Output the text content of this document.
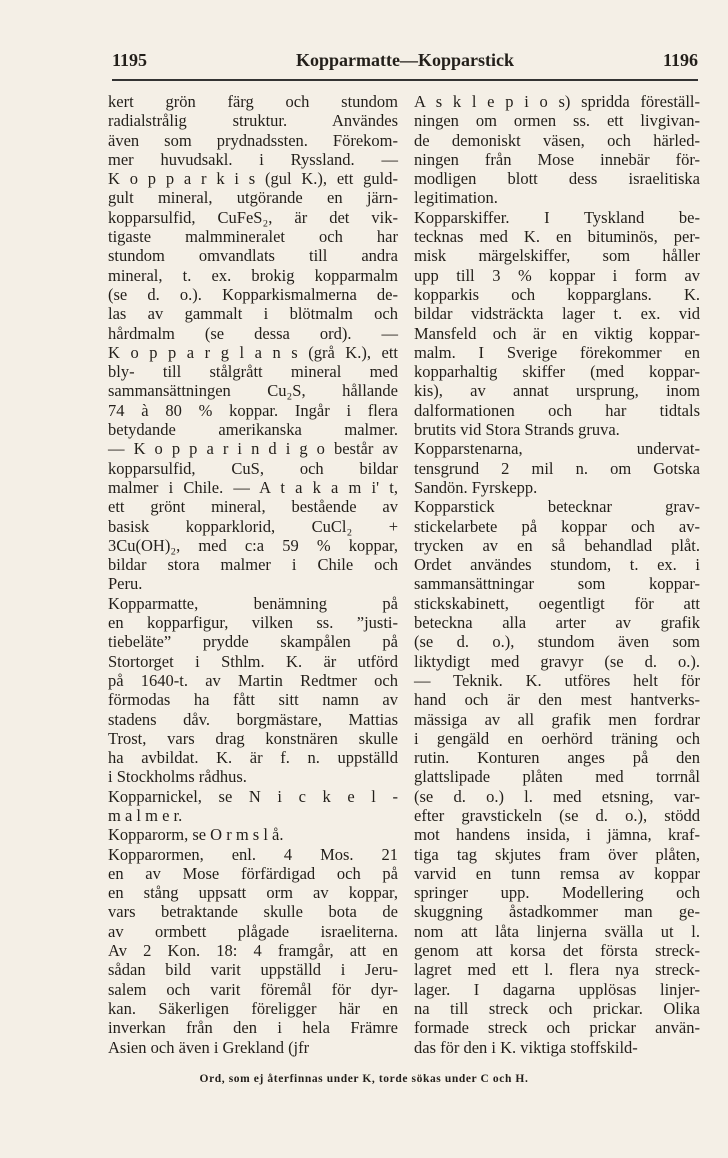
1195	Kopparmatte—Kopparstick	1196
kert grön färg och stundom
radialstrålig struktur. Användes
även som prydnadssten. Förekom-
mer huvudsakl. i Ryssland. —
K o p p a r k i s (gul K.), ett guld-
gult mineral, utgörande en järn-
kopparsulfid, CuFeS₂, är det vik-
tigaste malmmineralet och har
stundom omvandlats till andra
mineral, t. ex. brokig kopparmalm
(se d. o.). Kopparkismalmerna de-
las av gammalt i blötmalm och
hårdmalm (se dessa ord). —
K o p p a r g l a n s (grå K.), ett
bly- till stålgrått mineral med
sammansättningen Cu₂S, hållande
74 à 80 % koppar. Ingår i flera
betydande amerikanska malmer.
— K o p p a r i n d i g o består av
kopparsulfid, CuS, och bildar
malmer i Chile. — A t a k a m i' t,
ett grönt mineral, bestående av
basisk kopparklorid, CuCl₂ +
3Cu(OH)₂, med c:a 59 % koppar,
bildar stora malmer i Chile och
Peru.
Kopparmatte, benämning på
en kopparfigur, vilken ss. ”justi-
tiebeläte” prydde skampålen på
Stortorget i Sthlm. K. är utförd
på 1640-t. av Martin Redtmer och
förmodas ha fått sitt namn av
stadens dåv. borgmästare, Mattias
Trost, vars drag konstnären skulle
ha avbildat. K. är f. n. uppställd
i Stockholms rådhus.
Kopparnickel, se N i c k e l -
m a l m e r.
Kopparorm, se O r m s l å.
Kopparormen, enl. 4 Mos. 21
en av Mose förfärdigad och på
en stång uppsatt orm av koppar,
vars betraktande skulle bota de
av ormbett plågade israeliterna.
Av 2 Kon. 18: 4 framgår, att en
sådan bild varit uppställd i Jeru-
salem och varit föremål för dyr-
kan. Säkerligen föreligger här en
inverkan från den i hela Främre
Asien och även i Grekland (jfr
A s k l e p i o s) spridda föreställ-
ningen om ormen ss. ett livgivan-
de demoniskt väsen, och härled-
ningen från Mose innebär för-
modligen blott dess israelitiska
legitimation.
Kopparskiffer. I Tyskland be-
tecknas med K. en bituminös, per-
misk märgelskiffer, som håller
upp till 3 % koppar i form av
kopparkis och kopparglans. K.
bildar vidsträckta lager t. ex. vid
Mansfeld och är en viktig koppar-
malm. I Sverige förekommer en
kopparhaltig skiffer (med koppar-
kis), av annat ursprung, inom
dalformationen och har tidtals
brutits vid Stora Strands gruva.
Kopparstenarna, undervat-
tensgrund 2 mil n. om Gotska
Sandön. Fyrskepp.
Kopparstick betecknar grav-
stickelarbete på koppar och av-
trycken av en så behandlad plåt.
Ordet användes stundom, t. ex. i
sammansättningar som koppar-
stickskabinett, oegentligt för att
beteckna alla arter av grafik
(se d. o.), stundom även som
liktydigt med gravyr (se d. o.).
— Teknik. K. utföres helt för
hand och är den mest hantverks-
mässiga av all grafik men fordrar
i gengäld en oerhörd träning och
rutin. Konturen anges på den
glattslipade plåten med torrnål
(se d. o.) l. med etsning, var-
efter gravstickeln (se d. o.), stödd
mot handens insida, i jämna, kraf-
tiga tag skjutes fram över plåten,
varvid en tunn remsa av koppar
springer upp. Modellering och
skuggning åstadkommer man ge-
nom att låta linjerna svälla ut l.
genom att korsa det första streck-
lagret med ett l. flera nya streck-
lager. I dagarna upplösas linjer-
na till streck och prickar. Olika
formade streck och prickar använ-
das för den i K. viktiga stoffskild-
Ord, som ej återfinnas under K, torde sökas under C och H.
